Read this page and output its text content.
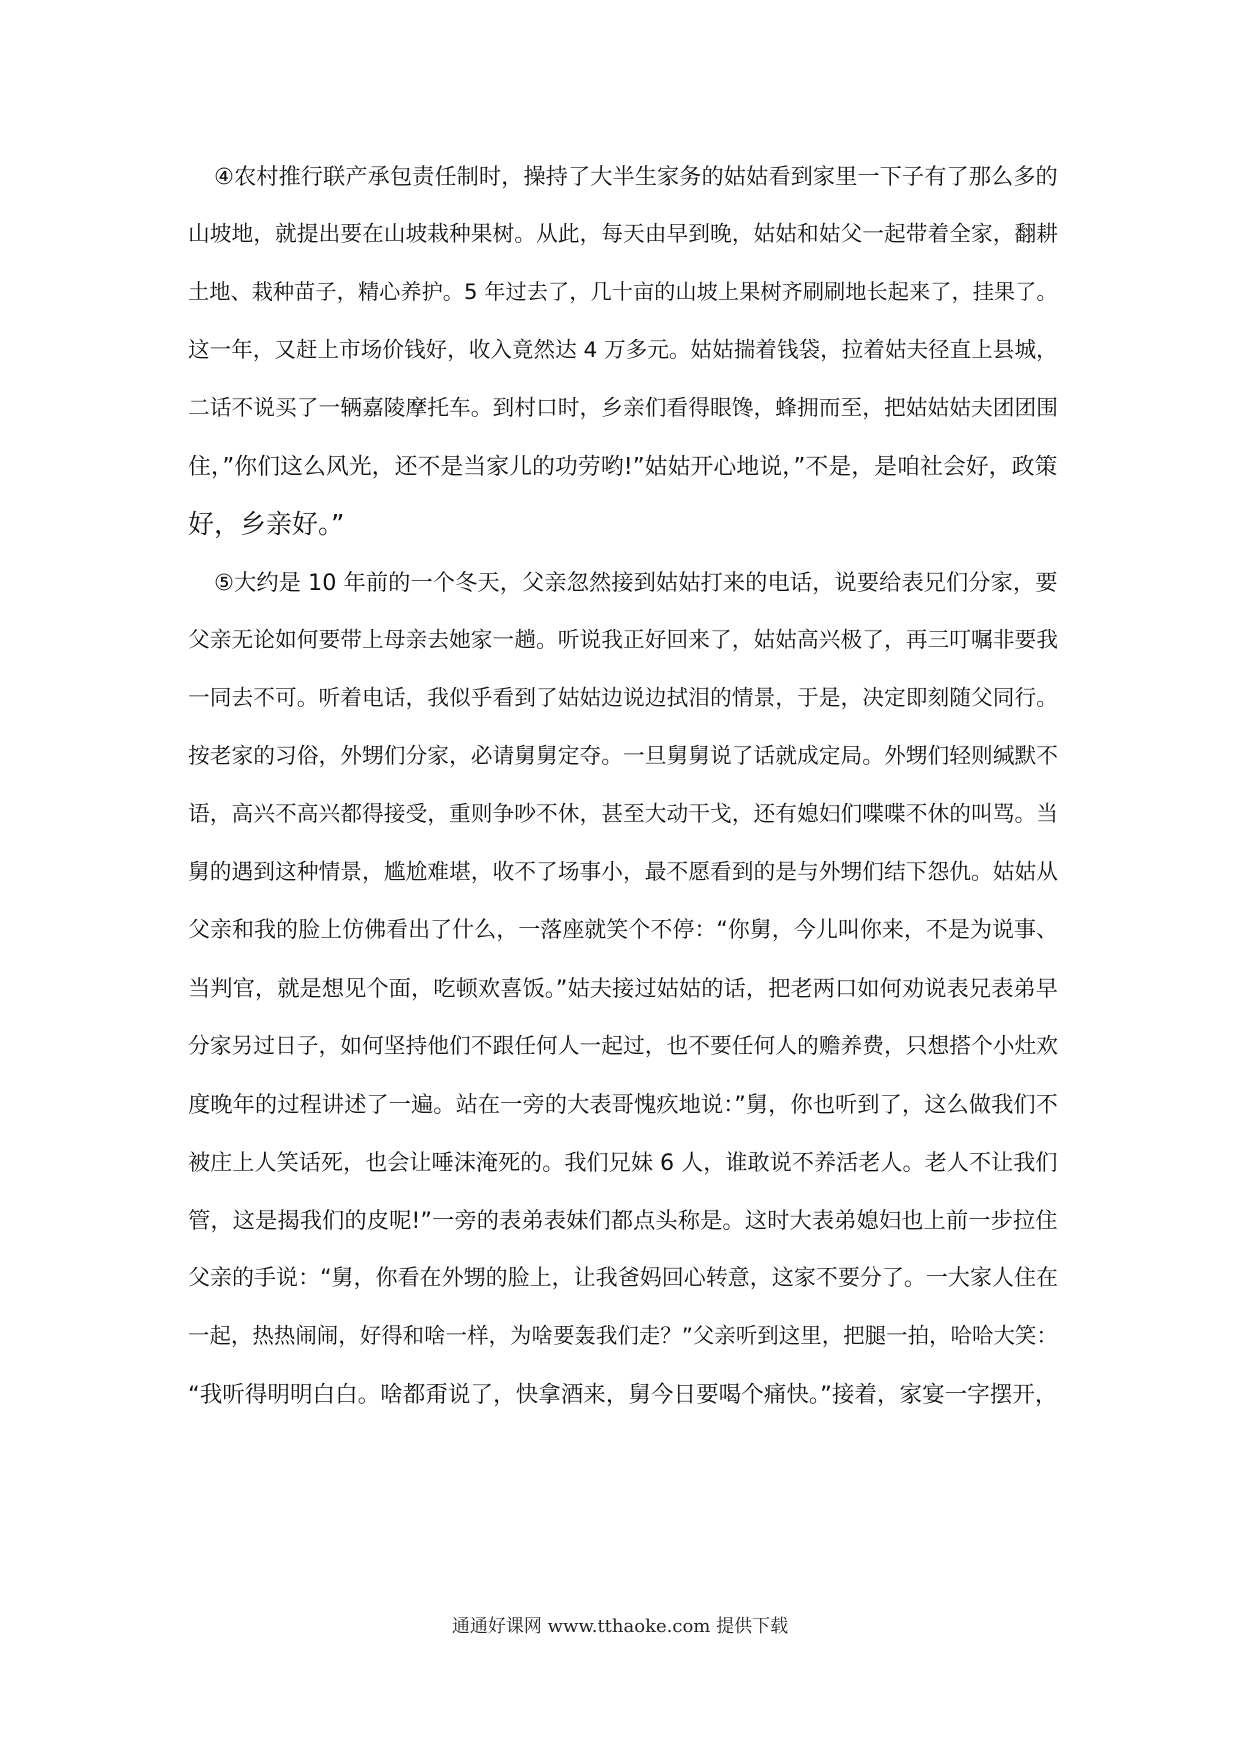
④农村推行联产承包责任制时，操持了大半生家务的姑姑看到家里一下子有了那么多的
山坡地，就提出要在山坡栽种果树。从此，每天由早到晚，姑姑和姑父一起带着全家，翻耕
土地、栽种苗子，精心养护。5 年过去了，几十亩的山坡上果树齐刷刷地长起来了，挂果了。
这一年，又赶上市场价钱好，收入竟然达 4 万多元。姑姑揣着钱袋，拉着姑夫径直上县城，
二话不说买了一辆嘉陵摩托车。到村口时，乡亲们看得眼馋，蜂拥而至，把姑姑姑夫团团围
住，”你们这么风光，还不是当家儿的功劳哟!”姑姑开心地说，”不是，是咱社会好，政策
好，乡亲好。”
⑤大约是 10 年前的一个冬天，父亲忽然接到姑姑打来的电话，说要给表兄们分家，要
父亲无论如何要带上母亲去她家一趟。听说我正好回来了，姑姑高兴极了，再三叮嘱非要我
一同去不可。听着电话，我似乎看到了姑姑边说边拭泪的情景，于是，决定即刻随父同行。
按老家的习俗，外甥们分家，必请舅舅定夺。一旦舅舅说了话就成定局。外甥们轻则缄默不
语，高兴不高兴都得接受，重则争吵不休，甚至大动干戈，还有媳妇们喋喋不休的叫骂。当
舅的遇到这种情景，尴尬难堪，收不了场事小，最不愿看到的是与外甥们结下怨仇。姑姑从
父亲和我的脸上仿佛看出了什么，一落座就笑个不停：“你舅，今儿叫你来，不是为说事、
当判官，就是想见个面，吃顿欢喜饭。”姑夫接过姑姑的话，把老两口如何劝说表兄表弟早
分家另过日子，如何坚持他们不跟任何人一起过，也不要任何人的赡养费，只想搭个小灶欢
度晚年的过程讲述了一遍。站在一旁的大表哥愧疚地说：”舅，你也听到了，这么做我们不
被庄上人笑话死，也会让唾沫淹死的。我们兄妹 6 人，谁敢说不养活老人。老人不让我们
管，这是揭我们的皮呢!”一旁的表弟表妹们都点头称是。这时大表弟媳妇也上前一步拉住
父亲的手说：“舅，你看在外甥的脸上，让我爸妈回心转意，这家不要分了。一大家人住在
一起，热热闹闹，好得和啥一样，为啥要轰我们走？”父亲听到这里，把腿一拍，哈哈大笑：
“我听得明明白白。啥都甭说了，快拿酒来，舅今日要喝个痛快。”接着，家宴一字摆开，
通通好课网 www.tthaoke.com 提供下载
